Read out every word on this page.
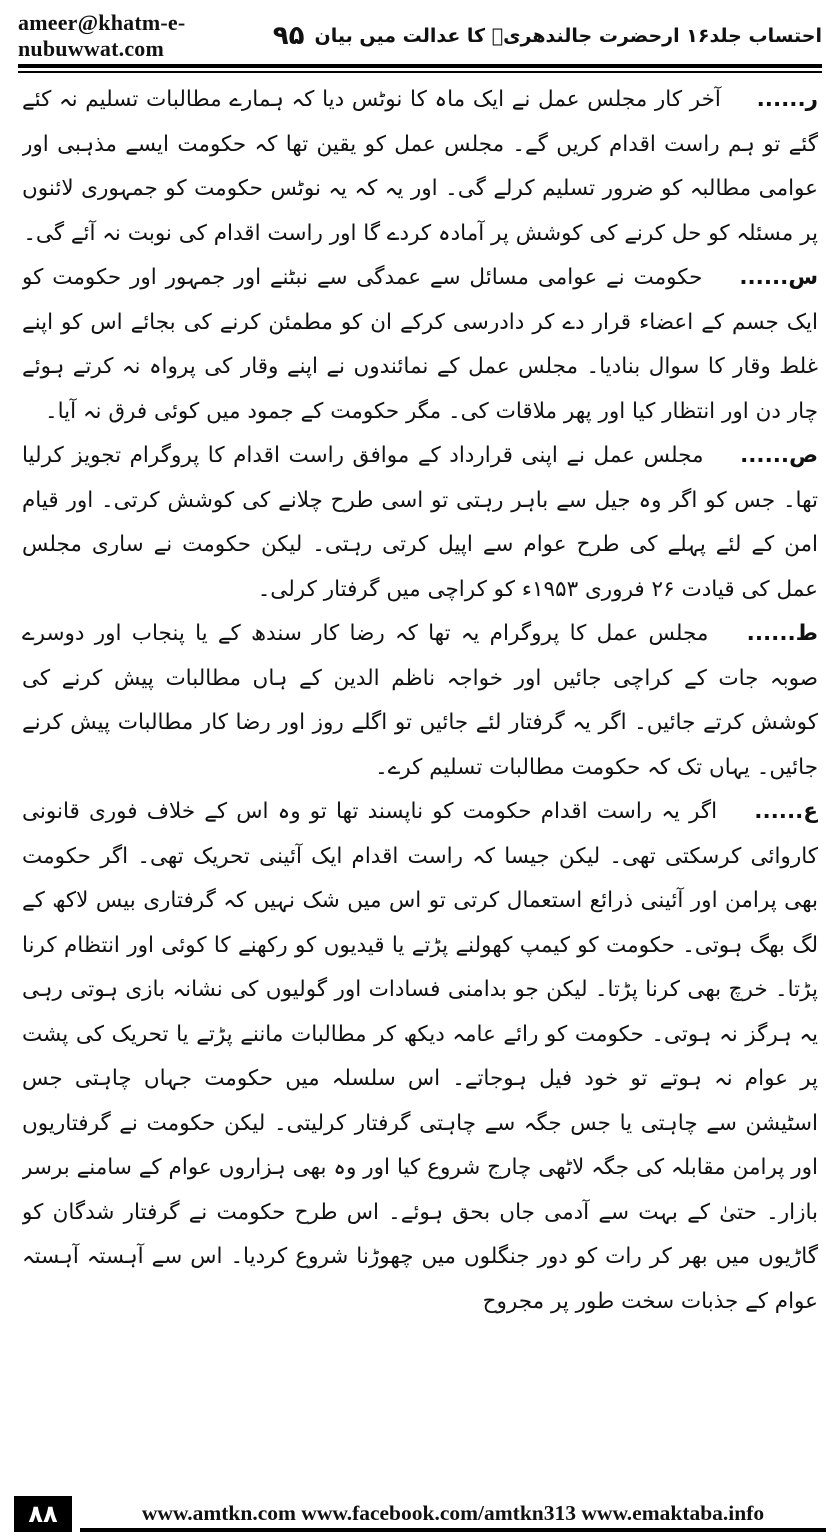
ameer@khatm-e-nubuwwat.com	۹۵ احتساب جلد۱۶ ارحضرت جالندھریؒ کا عدالت میں بیان

ر...... آخر کار مجلس عمل نے ایک ماہ کا نوٹس دیا کہ ہمارے مطالبات تسلیم نہ کئے گئے تو ہم راست اقدام کریں گے۔ مجلس عمل کو یقین تھا کہ حکومت ایسے مذہبی اور عوامی مطالبہ کو ضرور تسلیم کرلے گی۔ اور یہ کہ یہ نوٹس حکومت کو جمہوری لائنوں پر مسئلہ کو حل کرنے کی کوشش پر آمادہ کردے گا اور راست اقدام کی نوبت نہ آئے گی۔

س...... حکومت نے عوامی مسائل سے عمدگی سے نبٹنے اور جمہور اور حکومت کو ایک جسم کے اعضاء قرار دے کر دادرسی کرکے ان کو مطمئن کرنے کی بجائے اس کو اپنے غلط وقار کا سوال بنادیا۔ مجلس عمل کے نمائندوں نے اپنے وقار کی پرواہ نہ کرتے ہوئے چار دن اور انتظار کیا اور پھر ملاقات کی۔ مگر حکومت کے جمود میں کوئی فرق نہ آیا۔

ص...... مجلس عمل نے اپنی قرارداد کے موافق راست اقدام کا پروگرام تجویز کرلیا تھا۔ جس کو اگر وہ جیل سے باہر رہتی تو اسی طرح چلانے کی کوشش کرتی۔ اور قیام امن کے لئے پہلے کی طرح عوام سے اپیل کرتی رہتی۔ لیکن حکومت نے ساری مجلس عمل کی قیادت ۲۶ فروری ۱۹۵۳ء کو کراچی میں گرفتار کرلی۔

ط...... مجلس عمل کا پروگرام یہ تھا کہ رضا کار سندھ کے یا پنجاب اور دوسرے صوبہ جات کے کراچی جائیں اور خواجہ ناظم الدین کے ہاں مطالبات پیش کرنے کی کوشش کرتے جائیں۔ اگر یہ گرفتار لئے جائیں تو اگلے روز اور رضا کار مطالبات پیش کرنے جائیں۔ یہاں تک کہ حکومت مطالبات تسلیم کرے۔

ع...... اگر یہ راست اقدام حکومت کو ناپسند تھا تو وہ اس کے خلاف فوری قانونی کاروائی کرسکتی تھی۔ لیکن جیسا کہ راست اقدام ایک آئینی تحریک تھی۔ اگر حکومت بھی پرامن اور آئینی ذرائع استعمال کرتی تو اس میں شک نہیں کہ گرفتاری بیس لاکھ کے لگ بھگ ہوتی۔ حکومت کو کیمپ کھولنے پڑتے یا قیدیوں کو رکھنے کا کوئی اور انتظام کرنا پڑتا۔ خرچ بھی کرنا پڑتا۔ لیکن جو بدامنی فسادات اور گولیوں کی نشانہ بازی ہوتی رہی یہ ہرگز نہ ہوتی۔ حکومت کو رائے عامہ دیکھ کر مطالبات ماننے پڑتے یا تحریک کی پشت پر عوام نہ ہوتے تو خود فیل ہوجاتے۔ اس سلسلہ میں حکومت جہاں چاہتی جس اسٹیشن سے چاہتی یا جس جگہ سے چاہتی گرفتار کرلیتی۔ لیکن حکومت نے گرفتاریوں اور پرامن مقابلہ کی جگہ لاٹھی چارج شروع کیا اور وہ بھی ہزاروں عوام کے سامنے برسر بازار۔ حتیٰ کے بہت سے آدمی جاں بحق ہوئے۔ اس طرح حکومت نے گرفتار شدگان کو گاڑیوں میں بھر کر رات کو دور جنگلوں میں چھوڑنا شروع کردیا۔ اس سے آہستہ آہستہ عوام کے جذبات سخت طور پر مجروح

۸۸	www.amtkn.com www.facebook.com/amtkn313 www.emaktaba.info
